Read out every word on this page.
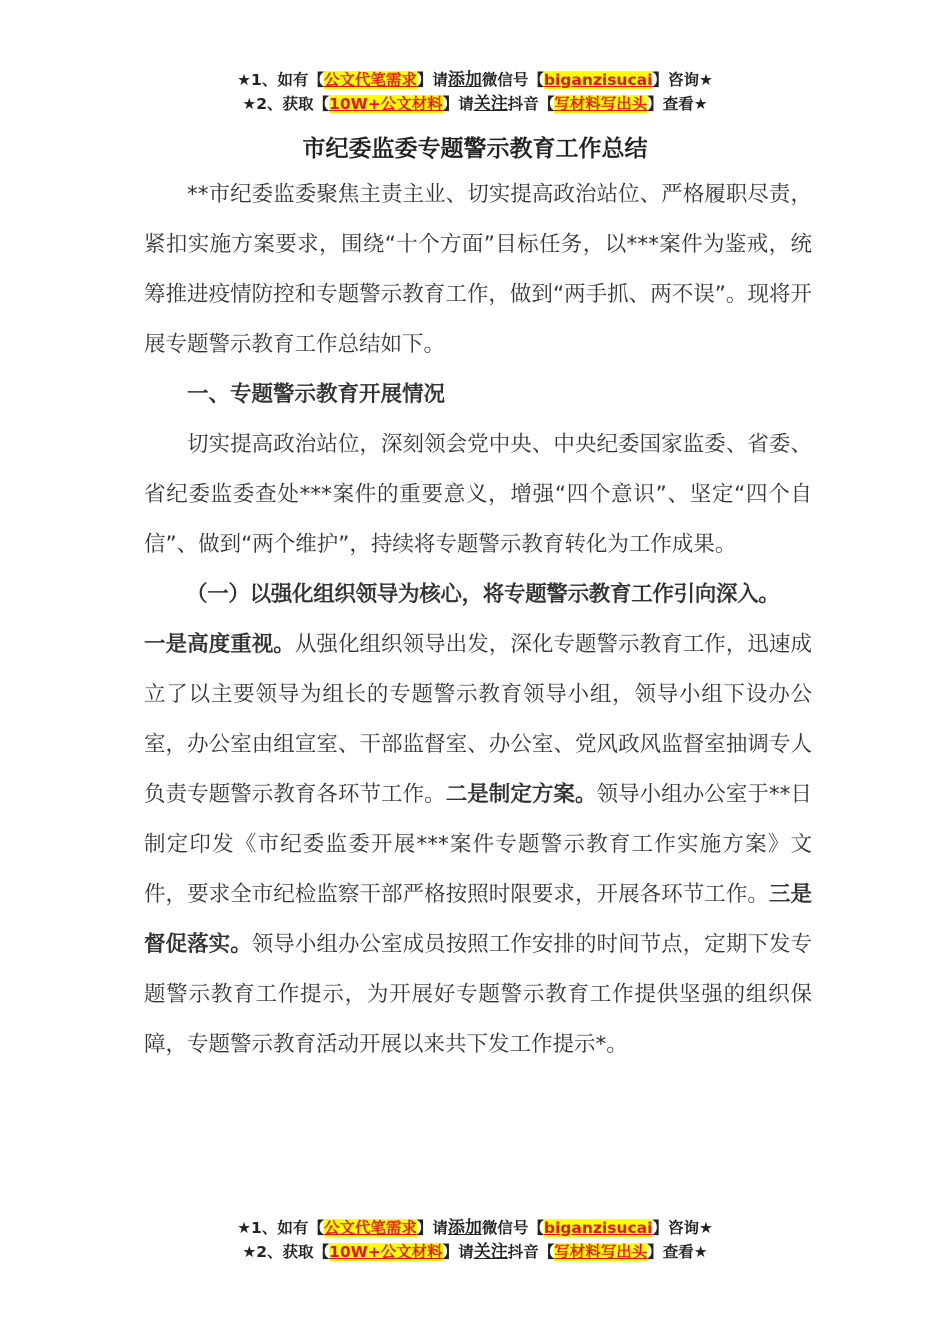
★1、如有【公文代笔需求】请添加微信号【biganzisucai】咨询★
★2、获取【10W+公文材料】请关注抖音【写材料写出头】查看★
市纪委监委专题警示教育工作总结

**市纪委监委聚焦主责主业、切实提高政治站位、严格履职尽责，紧扣实施方案要求，围绕“十个方面”目标任务，以***案件为鉴戒，统筹推进疫情防控和专题警示教育工作，做到“两手抓、两不误”。现将开展专题警示教育工作总结如下。

一、专题警示教育开展情况

切实提高政治站位，深刻领会党中央、中央纪委国家监委、省委、省纪委监委查处***案件的重要意义，增强“四个意识”、坚定“四个自信”、做到“两个维护”，持续将专题警示教育转化为工作成果。

（一）以强化组织领导为核心，将专题警示教育工作引向深入。

一是高度重视。从强化组织领导出发，深化专题警示教育工作，迅速成立了以主要领导为组长的专题警示教育领导小组，领导小组下设办公室，办公室由组宣室、干部监督室、办公室、党风政风监督室抽调专人负责专题警示教育各环节工作。二是制定方案。领导小组办公室于**日制定印发《市纪委监委开展***案件专题警示教育工作实施方案》文件，要求全市纪检监察干部严格按照时限要求，开展各环节工作。三是督促落实。领导小组办公室成员按照工作安排的时间节点，定期下发专题警示教育工作提示，为开展好专题警示教育工作提供坚强的组织保障，专题警示教育活动开展以来共下发工作提示*。

★1、如有【公文代笔需求】请添加微信号【biganzisucai】咨询★
★2、获取【10W+公文材料】请关注抖音【写材料写出头】查看★
